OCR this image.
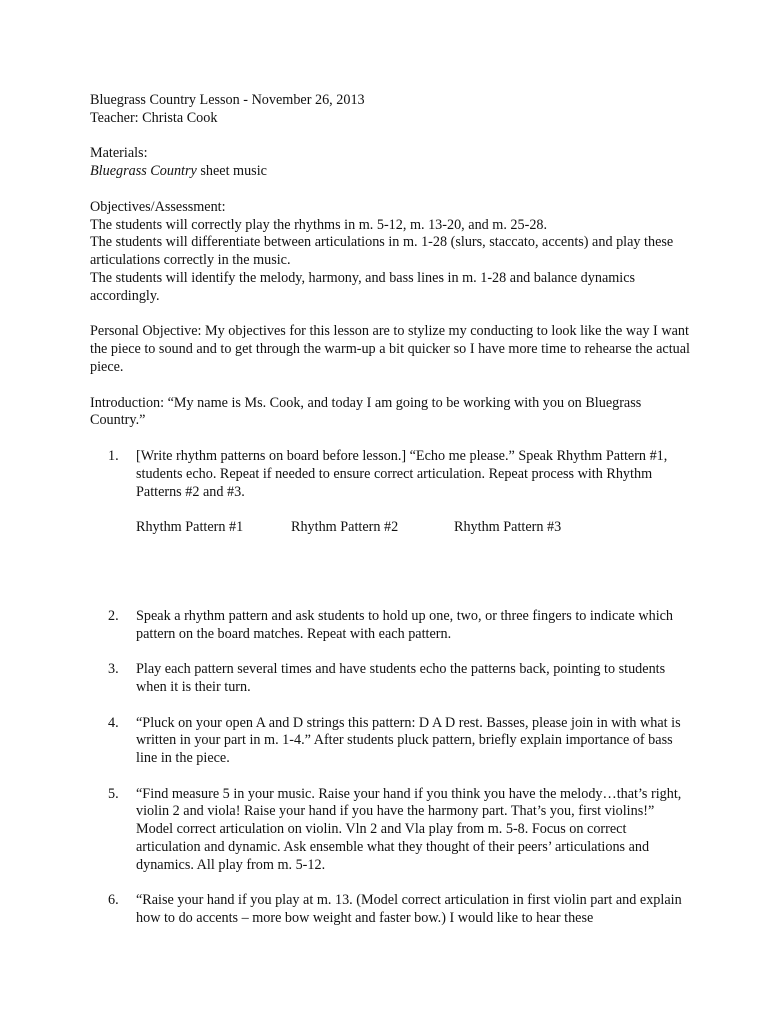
Bluegrass Country Lesson - November 26, 2013

Teacher: Christa Cook

Materials:

Bluegrass Country sheet music

Objectives/Assessment:

The students will correctly play the rhythms in m. 5-12, m. 13-20, and m. 25-28.

The students will differentiate between articulations in m. 1-28 (slurs, staccato, accents) and play these articulations correctly in the music.

The students will identify the melody, harmony, and bass lines in m. 1-28 and balance dynamics accordingly.

Personal Objective: My objectives for this lesson are to stylize my conducting to look like the way I want the piece to sound and to get through the warm-up a bit quicker so I have more time to rehearse the actual piece.

Introduction: “My name is Ms. Cook, and today I am going to be working with you on Bluegrass Country.”

1. [Write rhythm patterns on board before lesson.] “Echo me please.” Speak Rhythm Pattern #1, students echo. Repeat if needed to ensure correct articulation. Repeat process with Rhythm Patterns #2 and #3.

Rhythm Pattern #1	Rhythm Pattern #2	Rhythm Pattern #3
2. Speak a rhythm pattern and ask students to hold up one, two, or three fingers to indicate which pattern on the board matches. Repeat with each pattern.

3. Play each pattern several times and have students echo the patterns back, pointing to students when it is their turn.

4. “Pluck on your open A and D strings this pattern: D A D rest. Basses, please join in with what is written in your part in m. 1-4.” After students pluck pattern, briefly explain importance of bass line in the piece.

5. “Find measure 5 in your music. Raise your hand if you think you have the melody…that’s right, violin 2 and viola! Raise your hand if you have the harmony part. That’s you, first violins!” Model correct articulation on violin. Vln 2 and Vla play from m. 5-8. Focus on correct articulation and dynamic. Ask ensemble what they thought of their peers’ articulations and dynamics. All play from m. 5-12.

6. “Raise your hand if you play at m. 13. (Model correct articulation in first violin part and explain how to do accents – more bow weight and faster bow.) I would like to hear these
